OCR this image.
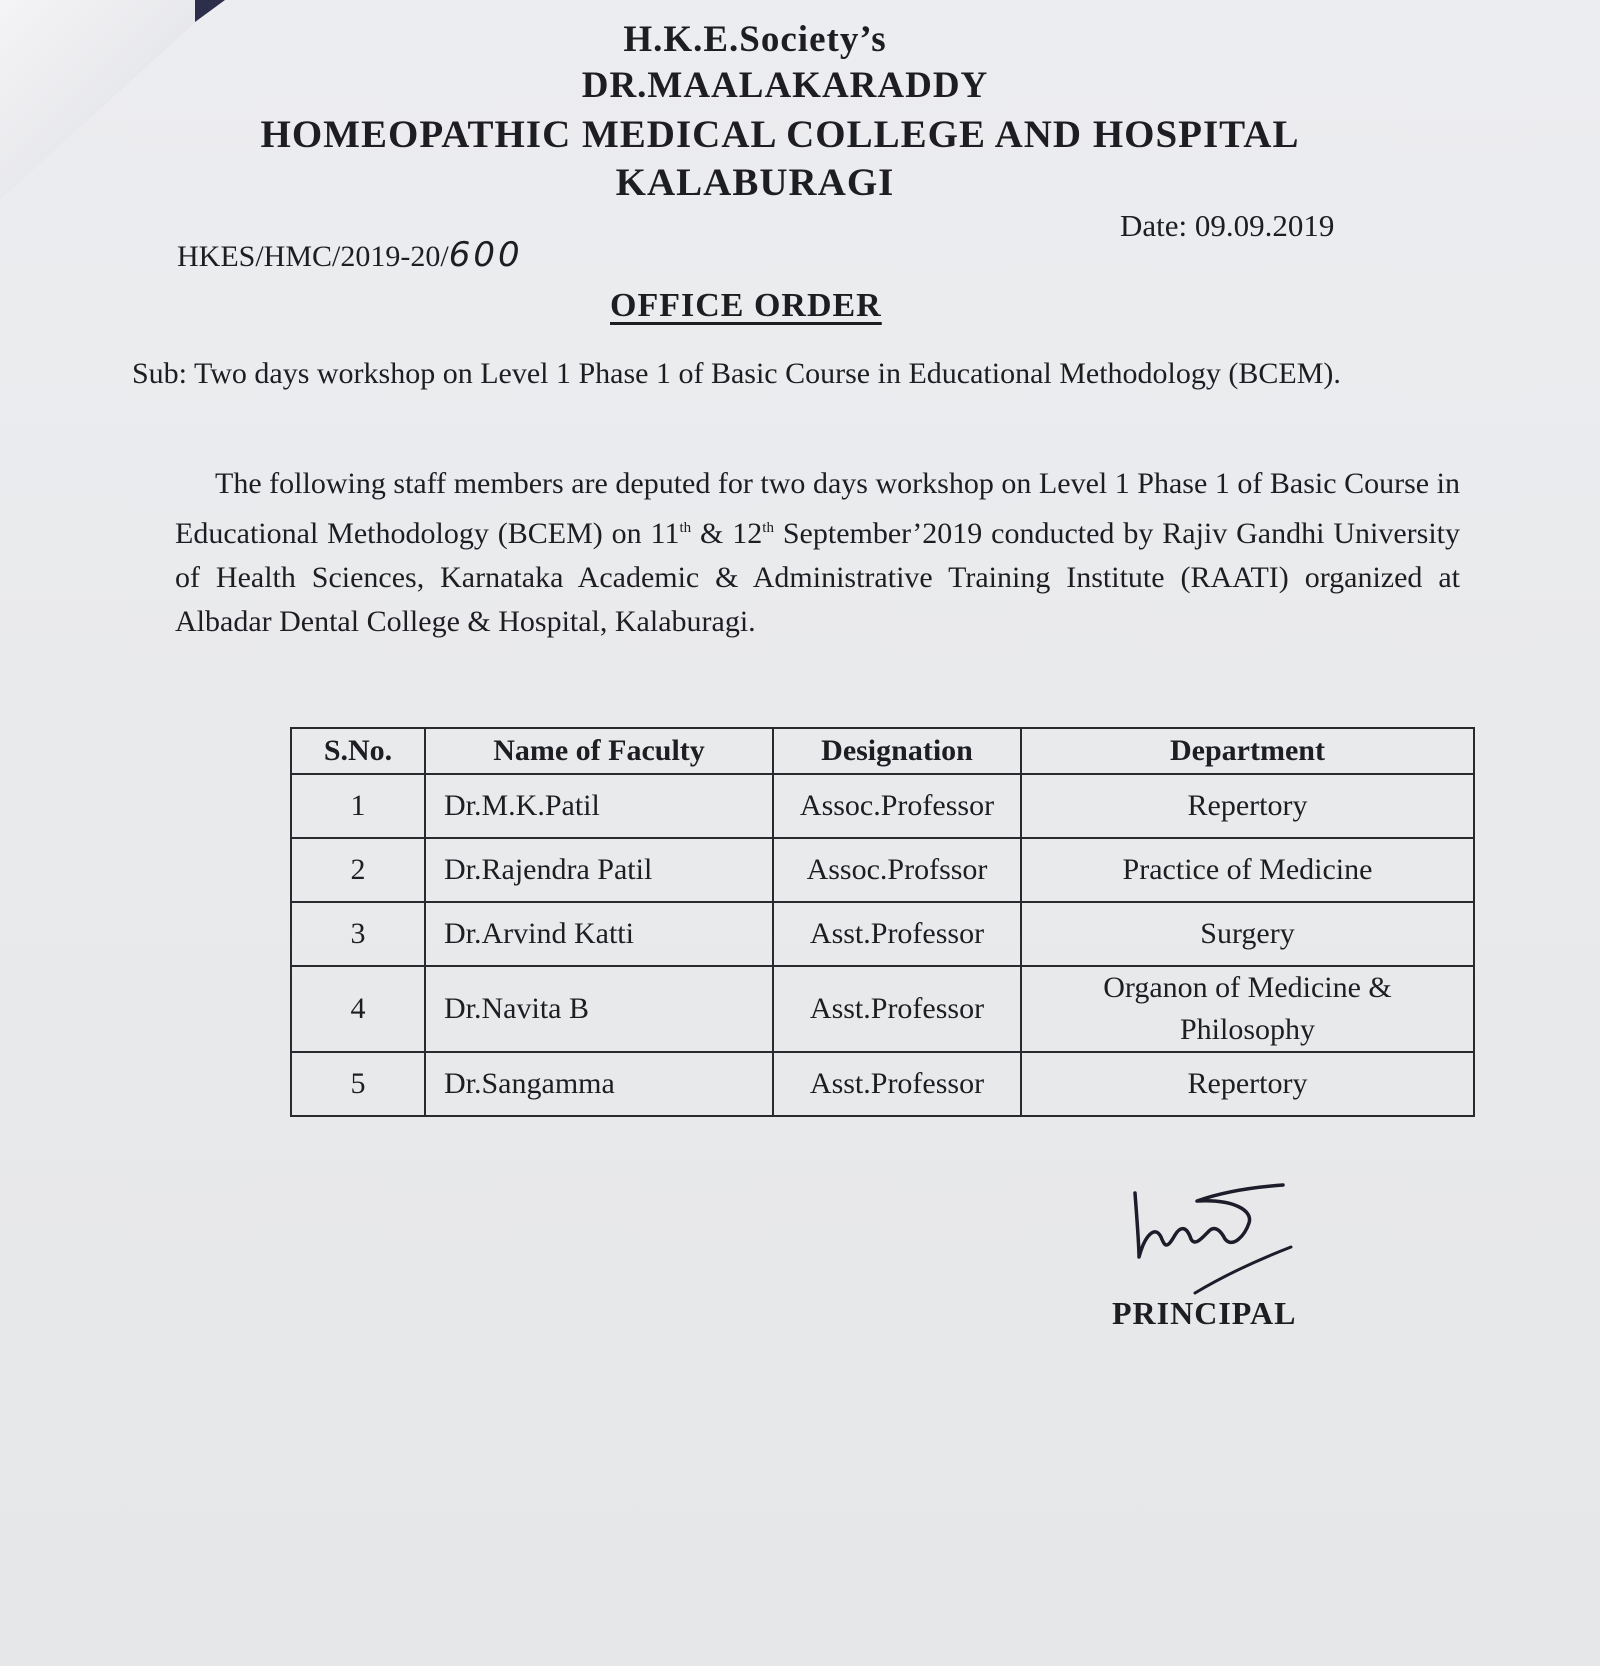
H.K.E.Society’s
DR.MAALAKARADDY
HOMEOPATHIC MEDICAL COLLEGE AND HOSPITAL
KALABURAGI
Date: 09.09.2019
HKES/HMC/2019-20/600
OFFICE ORDER
Sub: Two days workshop on Level 1 Phase 1 of Basic Course in Educational Methodology (BCEM).
The following staff members are deputed for two days workshop on Level 1 Phase 1 of Basic Course in Educational Methodology (BCEM) on 11th & 12th September’2019 conducted by Rajiv Gandhi University of Health Sciences, Karnataka Academic & Administrative Training Institute (RAATI) organized at Albadar Dental College & Hospital, Kalaburagi.
S.No.	Name of Faculty	Designation	Department
1	Dr.M.K.Patil	Assoc.Professor	Repertory
2	Dr.Rajendra Patil	Assoc.Profssor	Practice of Medicine
3	Dr.Arvind Katti	Asst.Professor	Surgery
4	Dr.Navita B	Asst.Professor	Organon of Medicine & Philosophy
5	Dr.Sangamma	Asst.Professor	Repertory
PRINCIPAL
